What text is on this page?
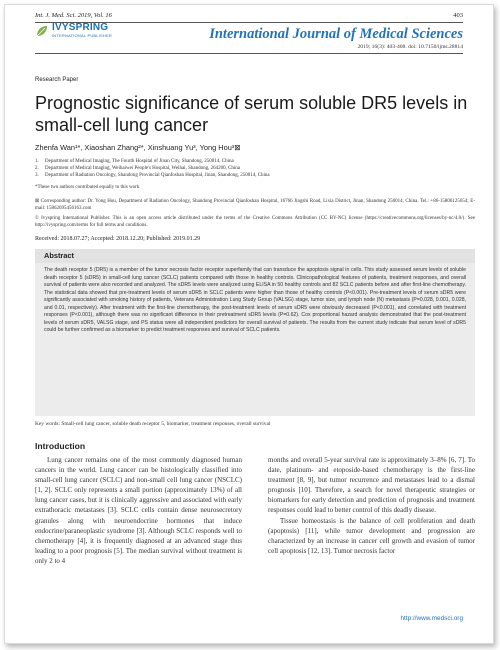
Int. J. Med. Sci. 2019, Vol. 16	403
IVYSPRING
INTERNATIONAL PUBLISHER	International Journal of Medical Sciences
2019; 16(3): 403-408. doi: 10.7150/ijms.28814
Research Paper
Prognostic significance of serum soluble DR5 levels in small-cell lung cancer
Zhenfa Wan¹*, Xiaoshan Zhang²*, Xinshuang Yu³, Yong Hou³⊠
1.	Department of Medical Imaging, The Fourth Hospital of Jinan City, Shandong, 250014, China
2.	Department of Medical Imaging, Weihaiwei People's Hospital, Weihai, Shandong, 264200, China
3.	Department of Radiation Oncology, Shandong Provincial Qianfoshan Hospital, Jinan, Shandong, 250014, China
*These two authors contributed equally to this work.
⊠ Corresponding author: Dr. Yong Hou, Department of Radiation Oncology, Shandong Provincial Qianfoshan Hospital, 16766 Jingshi Road, Lixia District, Jinan, Shandong 250014, China. Tel.: +86-15806125654; E-mail: 15862695456163.com
© Ivyspring International Publisher. This is an open access article distributed under the terms of the Creative Commons Attribution (CC BY-NC) license (https://creativecommons.org/licenses/by-nc/4.0/). See http://ivyspring.com/terms for full terms and conditions.
Received: 2018.07.27; Accepted: 2018.12.20; Published: 2019.01.29
Abstract
The death receptor 5 (DR5) is a member of the tumor necrosis factor receptor superfamily that can transduce the apoptosis signal in cells. This study assessed serum levels of soluble death receptor 5 (sDR5) in small-cell lung cancer (SCLC) patients compared with those in healthy controls. Clinicopathological features of patients, treatment responses, and overall survival of patients were also recorded and analyzed. The sDR5 levels were analyzed using ELISA in 50 healthy controls and 82 SCLC patients before and after first-line chemotherapy. The statistical data showed that pre-treatment levels of serum sDR5 in SCLC patients were higher than those of healthy controls (P<0.001). Pre-treatment levels of serum sDR5 were significantly associated with smoking history of patients, Veterans Administration Lung Study Group (VALSG) stage, tumor size, and lymph node (N) metastasis (P=0.028, 0.001, 0.028, and 0.01, respectively). After treatment with the first-line chemotherapy, the post-treatment levels of serum sDR5 were obviously decreased (P<0.001), and correlated with treatment responses (P<0.001), although there was no significant difference in their pretreatment sDR5 levels (P=0.62). Cox proportional hazard analysis demonstrated that the post-treatment levels of serum sDR5, VALSG stage, and PS status were all independent predictors for overall survival of patients. The results from the current study indicate that serum level of sDR5 could be further confirmed as a biomarker to predict treatment responses and survival of SCLC patients.
Key words: Small-cell lung cancer, soluble death receptor 5, biomarker, treatment responses, overall survival
Introduction

Lung cancer remains one of the most commonly diagnosed human cancers in the world. Lung cancer can be histologically classified into small-cell lung cancer (SCLC) and non-small cell lung cancer (NSCLC) [1, 2]. SCLC only represents a small portion (approximately 13%) of all lung cancer cases, but it is clinically aggressive and associated with early extrathoracic metastases [3]. SCLC cells contain dense neurosecretory granules along with neuroendocrine hormones that induce endocrine/paraneoplastic syndrome [3]. Although SCLC responds well to chemotherapy [4], it is frequently diagnosed at an advanced stage thus leading to a poor prognosis [5]. The median survival without treatment is only 2 to 4

months and overall 5-year survival rate is approximately 3–8% [6, 7]. To date, platinum- and etoposide-based chemotherapy is the first-line treatment [8, 9], but tumor recurrence and metastases lead to a dismal prognosis [10]. Therefore, a search for novel therapeutic strategies or biomarkers for early detection and prediction of prognosis and treatment responses could lead to better control of this deadly disease.

Tissue homeostasis is the balance of cell proliferation and death (apoptosis) [11], while tumor development and progression are characterized by an increase in cancer cell growth and evasion of tumor cell apoptosis [12, 13]. Tumor necrosis factor

http://www.medsci.org
